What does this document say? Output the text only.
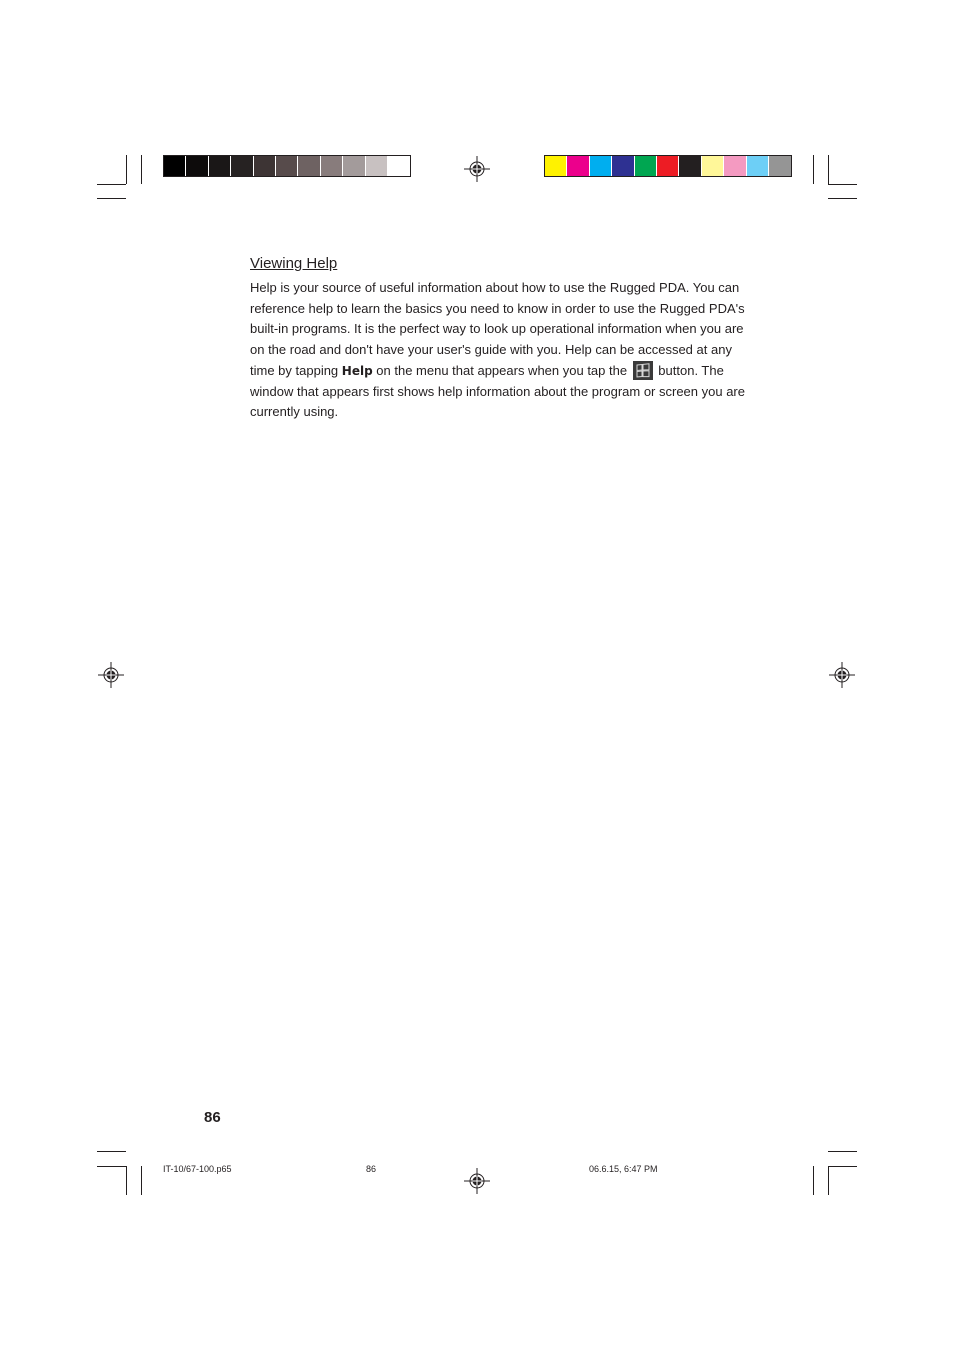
Viewing Help
Help is your source of useful information about how to use the Rugged PDA. You can reference help to learn the basics you need to know in order to use the Rugged PDA's built-in programs. It is the perfect way to look up operational information when you are on the road and don't have your user's guide with you. Help can be accessed at any time by tapping Help on the menu that appears when you tap the  button. The window that appears first shows help information about the program or screen you are currently using.
86
IT-10/67-100.p65	86	06.6.15, 6:47 PM
